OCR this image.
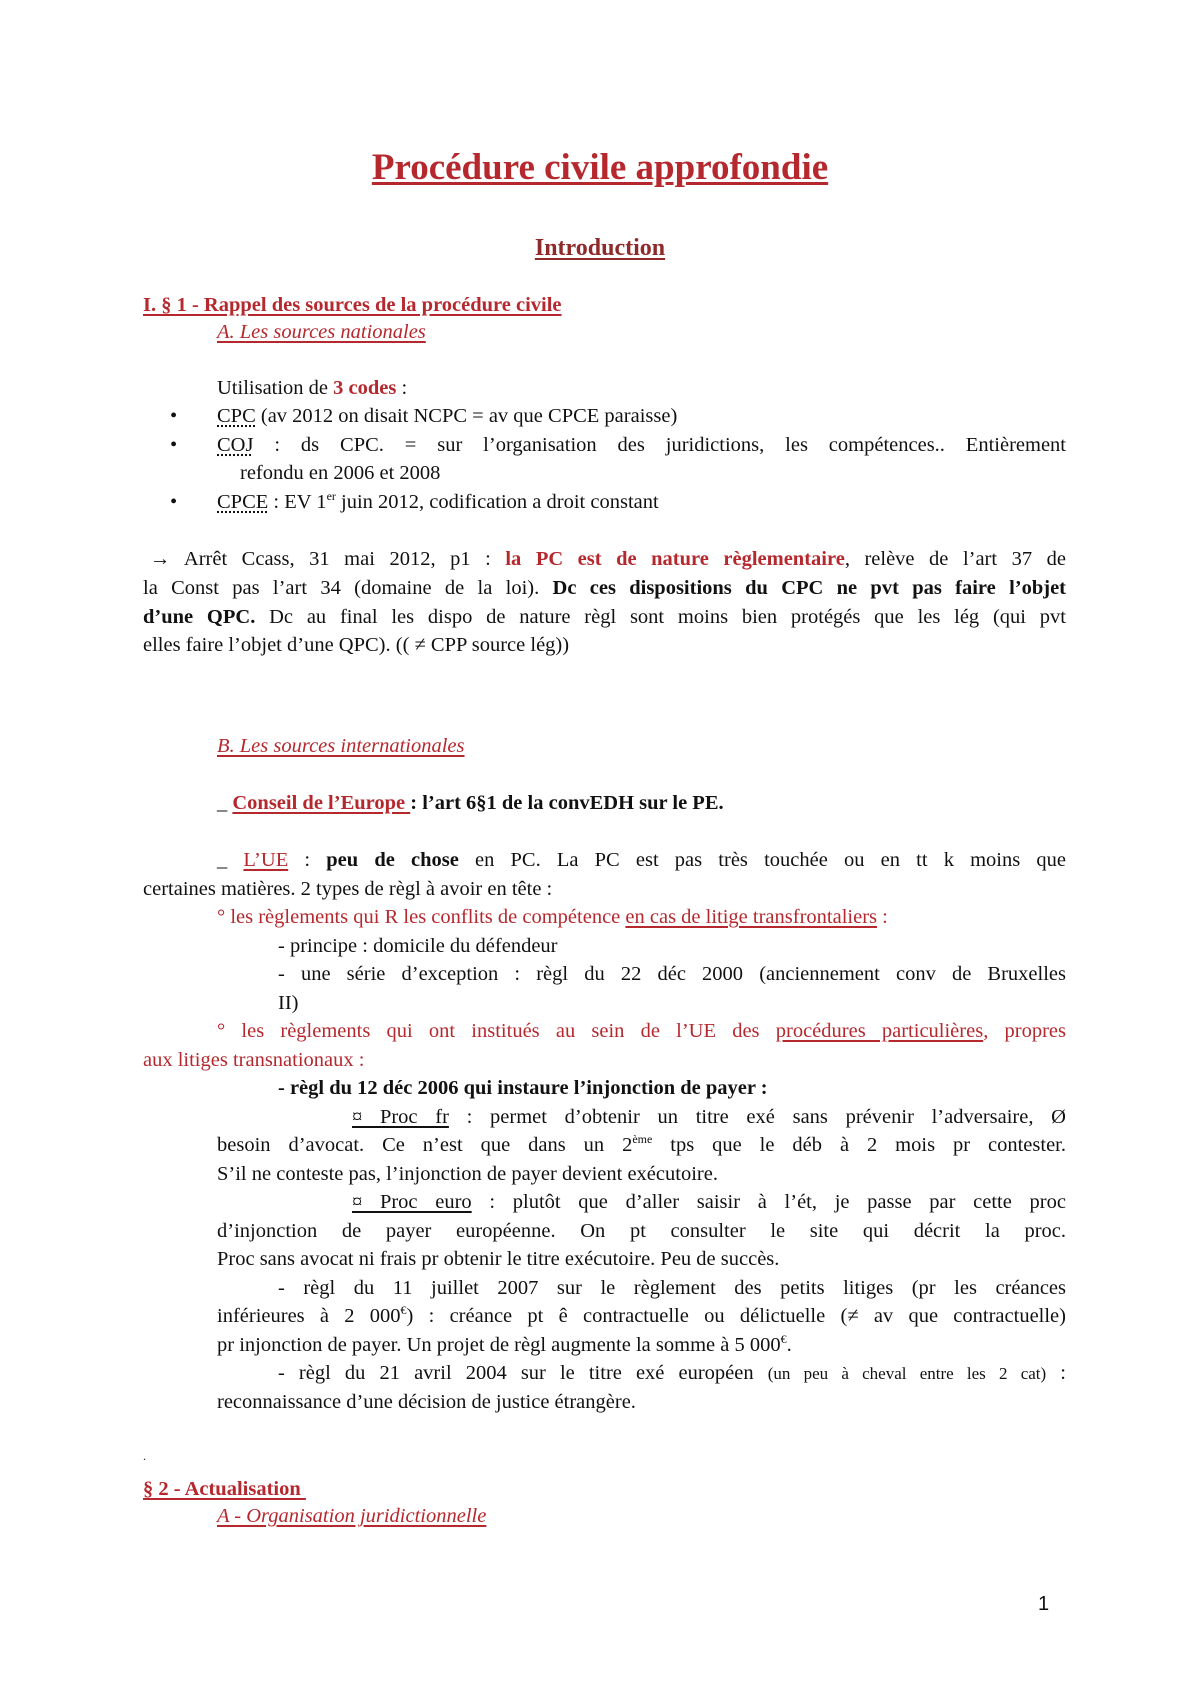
Procédure civile approfondie
Introduction
I. § 1 - Rappel des sources de la procédure civile
A. Les sources nationales
Utilisation de 3 codes :
• CPC (av 2012 on disait NCPC = av que CPCE paraisse)
• COJ : ds CPC. = sur l’organisation des juridictions, les compétences.. Entièrement
refondu en 2006 et 2008
• CPCE : EV 1er juin 2012, codification a droit constant
→ Arrêt Ccass, 31 mai 2012, p1 : la PC est de nature règlementaire, relève de l’art 37 de
la Const pas l’art 34 (domaine de la loi). Dc ces dispositions du CPC ne pvt pas faire l’objet
d’une QPC. Dc au final les dispo de nature règl sont moins bien protégés que les lég (qui pvt
elles faire l’objet d’une QPC). (( ≠ CPP source lég))
B. Les sources internationales
_ Conseil de l’Europe : l’art 6§1 de la convEDH sur le PE.
_ L’UE : peu de chose en PC. La PC est pas très touchée ou en tt k moins que
certaines matières. 2 types de règl à avoir en tête :
° les règlements qui R les conflits de compétence en cas de litige transfrontaliers :
- principe : domicile du défendeur
- une série d’exception : règl du 22 déc 2000 (anciennement conv de Bruxelles
II)
° les règlements qui ont institués au sein de l’UE des procédures particulières, propres
aux litiges transnationaux :
- règl du 12 déc 2006 qui instaure l’injonction de payer :
¤ Proc fr : permet d’obtenir un titre exé sans prévenir l’adversaire, Ø
besoin d’avocat. Ce n’est que dans un 2ème tps que le déb à 2 mois pr contester.
S’il ne conteste pas, l’injonction de payer devient exécutoire.
¤ Proc euro : plutôt que d’aller saisir à l’ét, je passe par cette proc
d’injonction de payer européenne. On pt consulter le site qui décrit la proc.
Proc sans avocat ni frais pr obtenir le titre exécutoire. Peu de succès.
- règl du 11 juillet 2007 sur le règlement des petits litiges (pr les créances
inférieures à 2 000€) : créance pt ê contractuelle ou délictuelle (≠ av que contractuelle)
pr injonction de payer. Un projet de règl augmente la somme à 5 000€.
- règl du 21 avril 2004 sur le titre exé européen (un peu à cheval entre les 2 cat) :
reconnaissance d’une décision de justice étrangère.
.
§ 2 - Actualisation
A - Organisation juridictionnelle
1
